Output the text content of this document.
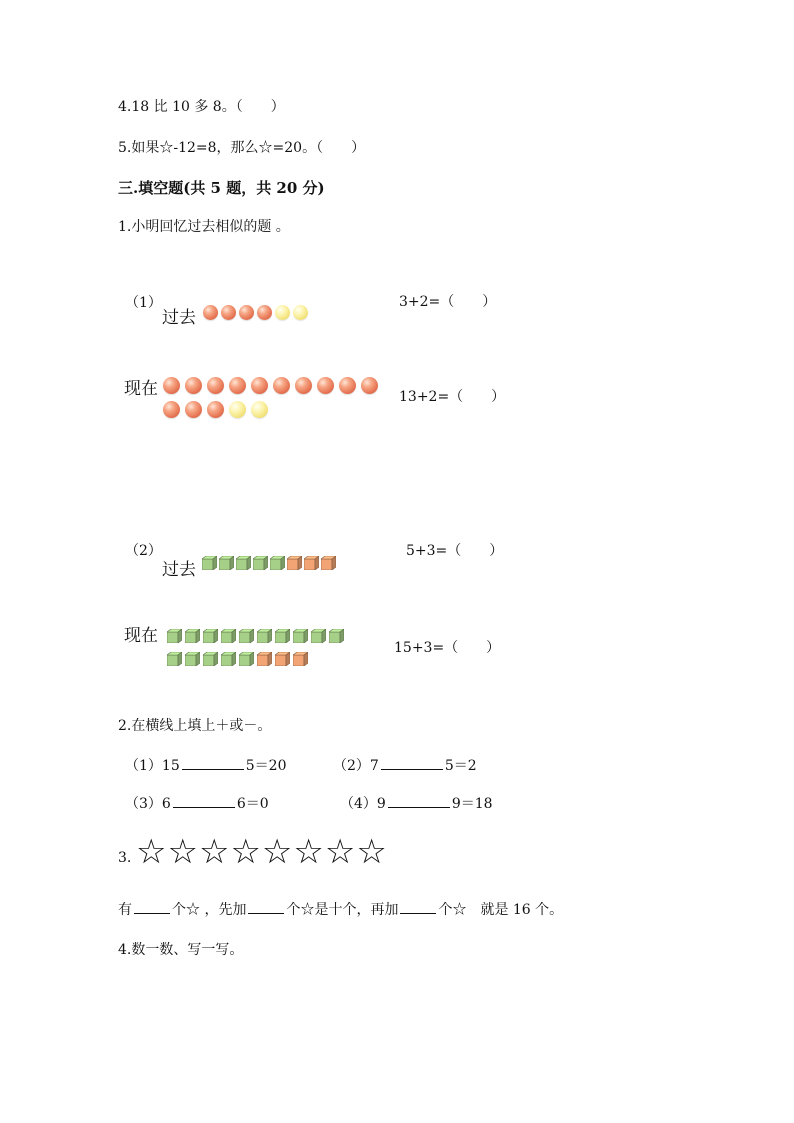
4.18 比 10 多 8。（　　）
5.如果☆-12=8，那么☆=20。（　　）
三.填空题(共 5 题，共 20 分)
1.小明回忆过去相似的题 。
（1）
过去
3+2=（　　）
现在	13+2=（　　）
（2）
过去
5+3=（　　）
现在
15+3=（　　）
2.在横线上填上＋或－。
（1）15	5＝20	（2）7	5＝2
（3）6	6＝0	（4）9	9＝18
3. ☆☆☆☆☆☆☆☆
有	个☆ ，先加	个☆是十个，再加	个☆　就是 16 个。
4.数一数、写一写。
